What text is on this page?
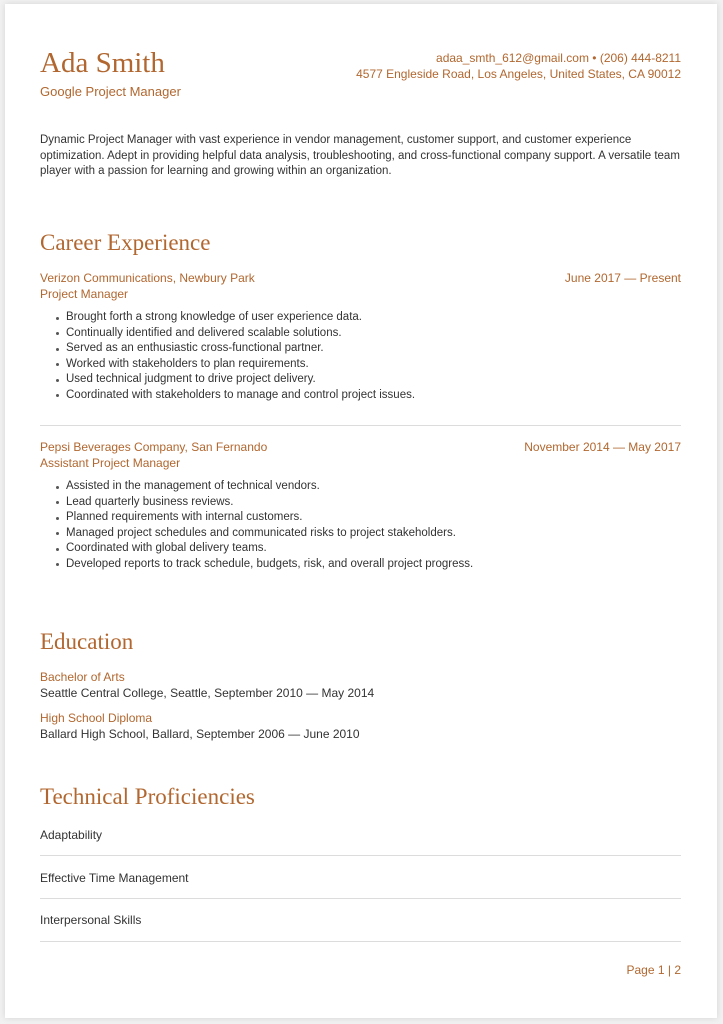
Ada Smith
Google Project Manager
adaa_smth_612@gmail.com • (206) 444-8211
4577 Engleside Road, Los Angeles, United States, CA 90012
Dynamic Project Manager with vast experience in vendor management, customer support, and customer experience optimization. Adept in providing helpful data analysis, troubleshooting, and cross-functional company support. A versatile team player with a passion for learning and growing within an organization.
Career Experience
Verizon Communications, Newbury Park	June 2017 — Present
Project Manager
Brought forth a strong knowledge of user experience data.
Continually identified and delivered scalable solutions.
Served as an enthusiastic cross-functional partner.
Worked with stakeholders to plan requirements.
Used technical judgment to drive project delivery.
Coordinated with stakeholders to manage and control project issues.
Pepsi Beverages Company, San Fernando	November 2014 — May 2017
Assistant Project Manager
Assisted in the management of technical vendors.
Lead quarterly business reviews.
Planned requirements with internal customers.
Managed project schedules and communicated risks to project stakeholders.
Coordinated with global delivery teams.
Developed reports to track schedule, budgets, risk, and overall project progress.
Education
Bachelor of Arts
Seattle Central College, Seattle, September 2010 — May 2014
High School Diploma
Ballard High School, Ballard, September 2006 — June 2010
Technical Proficiencies
Adaptability
Effective Time Management
Interpersonal Skills
Page 1 | 2
